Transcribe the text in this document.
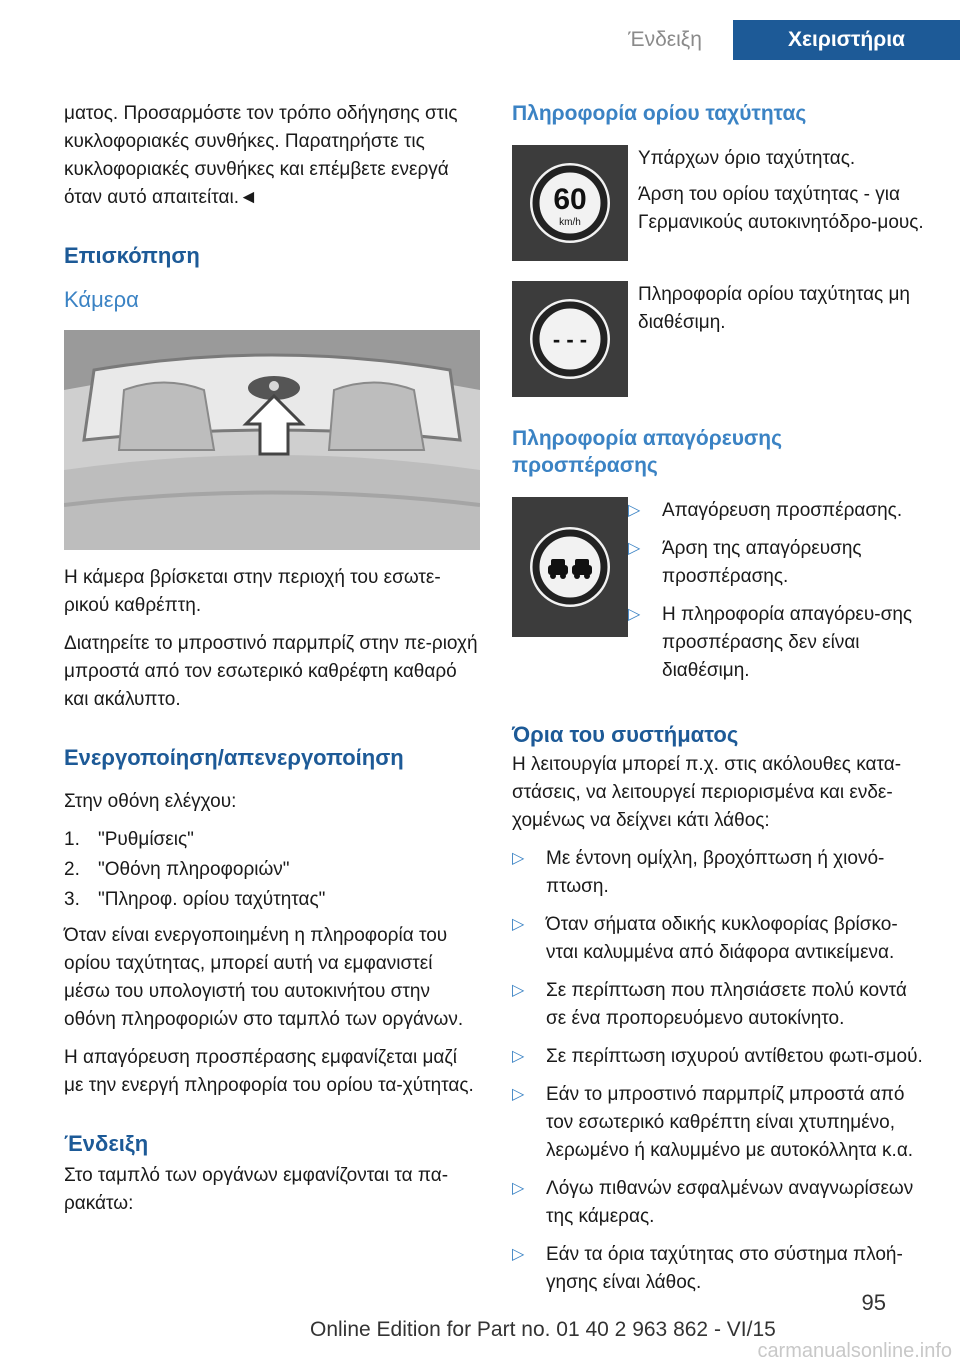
Ένδειξη	Χειριστήρια

ματος. Προσαρμόστε τον τρόπο οδήγησης στις κυκλοφοριακές συνθήκες. Παρατηρήστε τις κυκλοφοριακές συνθήκες και επέμβετε ενεργά όταν αυτό απαιτείται.◄

Επισκόπηση
Κάμερα

Η κάμερα βρίσκεται στην περιοχή του εσωτε-ρικού καθρέπτη.

Διατηρείτε το μπροστινό παρμπρίζ στην πε-ριοχή μπροστά από τον εσωτερικό καθρέφτη καθαρό και ακάλυπτο.

Ενεργοποίηση/απενεργοποίηση

Στην οθόνη ελέγχου:

1. "Ρυθμίσεις"
2. "Οθόνη πληροφοριών"
3. "Πληροφ. ορίου ταχύτητας"

Όταν είναι ενεργοποιημένη η πληροφορία του ορίου ταχύτητας, μπορεί αυτή να εμφανιστεί μέσω του υπολογιστή του αυτοκινήτου στην οθόνη πληροφοριών στο ταμπλό των οργάνων.

Η απαγόρευση προσπέρασης εμφανίζεται μαζί με την ενεργή πληροφορία του ορίου τα-χύτητας.

Ένδειξη

Στο ταμπλό των οργάνων εμφανίζονται τα πα-ρακάτω:

Πληροφορία ορίου ταχύτητας
60
km/h

Υπάρχων όριο ταχύτητας.

Άρση του ορίου ταχύτητας - για Γερμανικούς αυτοκινητόδρο-μους.

- - -

Πληροφορία ορίου ταχύτητας μη διαθέσιμη.

Πληροφορία απαγόρευσης προσπέρασης
▷	Απαγόρευση προσπέρασης.
▷	Άρση της απαγόρευσης προσπέρασης.
▷	Η πληροφορία απαγόρευ-σης προσπέρασης δεν είναι διαθέσιμη.
Όρια του συστήματος

Η λειτουργία μπορεί π.χ. στις ακόλουθες κατα-στάσεις, να λειτουργεί περιορισμένα και ενδε-χομένως να δείχνει κάτι λάθος:

▷	Με έντονη ομίχλη, βροχόπτωση ή χιονό-πτωση.
▷	Όταν σήματα οδικής κυκλοφορίας βρίσκο-νται καλυμμένα από διάφορα αντικείμενα.
▷	Σε περίπτωση που πλησιάσετε πολύ κοντά σε ένα προπορευόμενο αυτοκίνητο.
▷	Σε περίπτωση ισχυρού αντίθετου φωτι-σμού.
▷	Εάν το μπροστινό παρμπρίζ μπροστά από τον εσωτερικό καθρέπτη είναι χτυπημένο, λερωμένο ή καλυμμένο με αυτοκόλλητα κ.α.
▷	Λόγω πιθανών εσφαλμένων αναγνωρίσεων της κάμερας.
▷	Εάν τα όρια ταχύτητας στο σύστημα πλοή-γησης είναι λάθος.
95
Online Edition for Part no. 01 40 2 963 862 - VI/15
carmanualsonline.info
